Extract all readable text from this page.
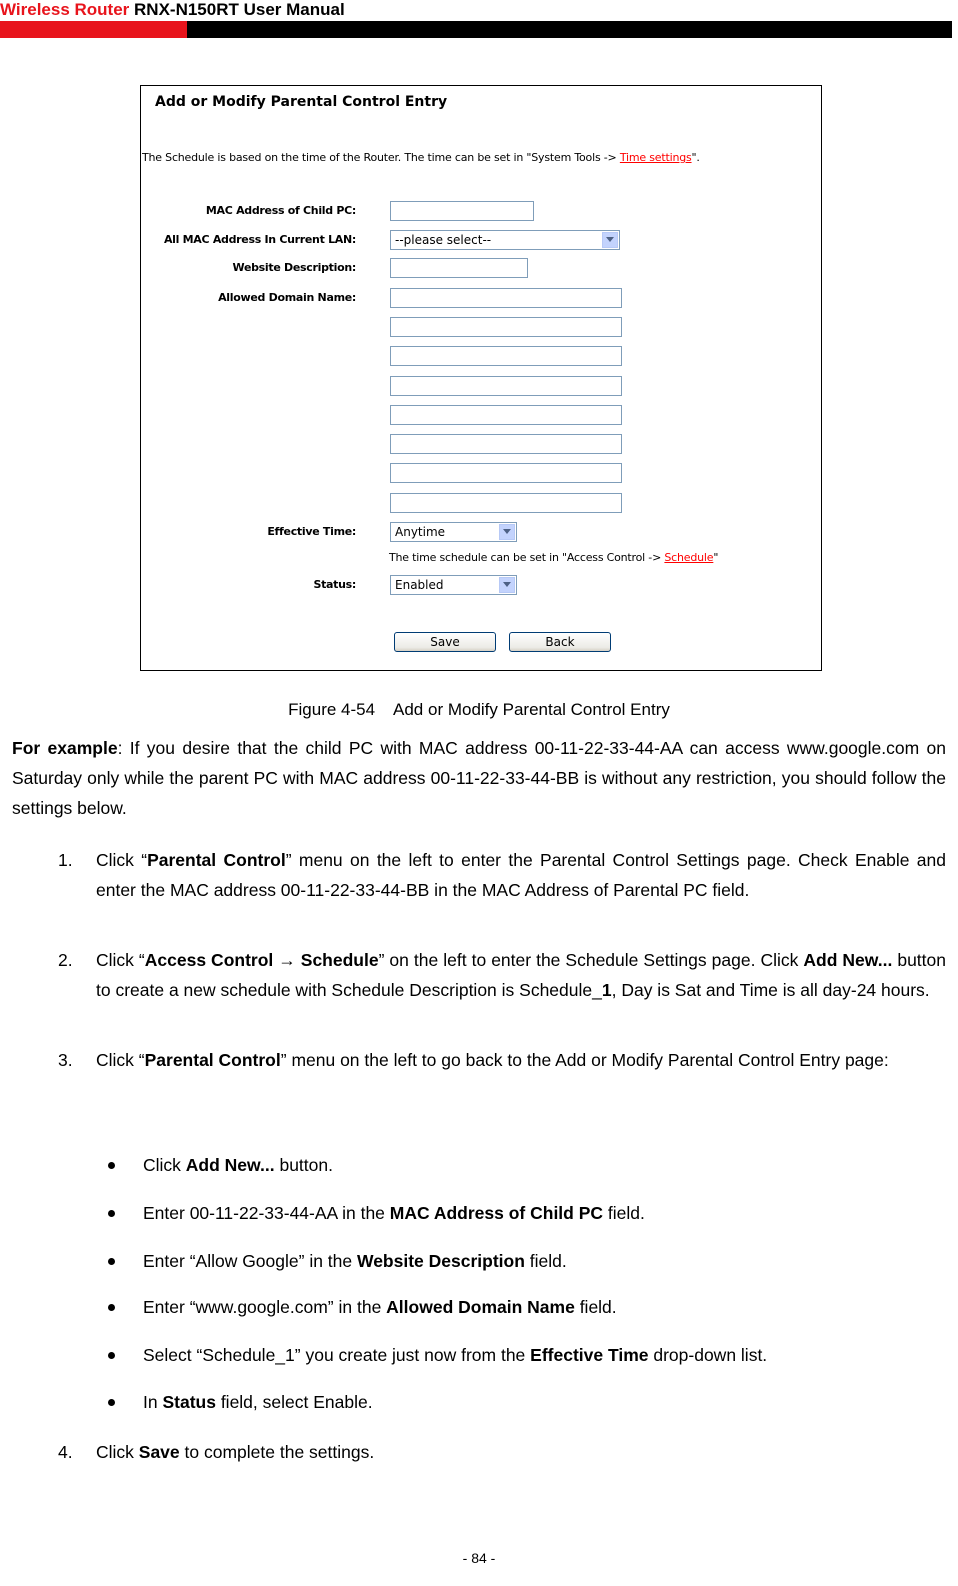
Wireless Router RNX-N150RT User Manual
Add or Modify Parental Control Entry
The Schedule is based on the time of the Router. The time can be set in "System Tools -> Time settings".
MAC Address of Child PC:
All MAC Address In Current LAN:	--please select--
Website Description:
Allowed Domain Name:
Effective Time:	Anytime
The time schedule can be set in "Access Control -> Schedule"
Status:	Enabled
Save	Back
Figure 4-54    Add or Modify Parental Control Entry
For example: If you desire that the child PC with MAC address 00-11-22-33-44-AA can access www.google.com on Saturday only while the parent PC with MAC address 00-11-22-33-44-BB is without any restriction, you should follow the settings below.
1. Click “Parental Control” menu on the left to enter the Parental Control Settings page. Check Enable and enter the MAC address 00-11-22-33-44-BB in the MAC Address of Parental PC field.
2. Click “Access Control → Schedule” on the left to enter the Schedule Settings page. Click Add New... button to create a new schedule with Schedule Description is Schedule_1, Day is Sat and Time is all day-24 hours.
3. Click “Parental Control” menu on the left to go back to the Add or Modify Parental Control Entry page:
Click Add New... button.
Enter 00-11-22-33-44-AA in the MAC Address of Child PC field.
Enter “Allow Google” in the Website Description field.
Enter “www.google.com” in the Allowed Domain Name field.
Select “Schedule_1” you create just now from the Effective Time drop-down list.
In Status field, select Enable.
4. Click Save to complete the settings.
- 84 -
